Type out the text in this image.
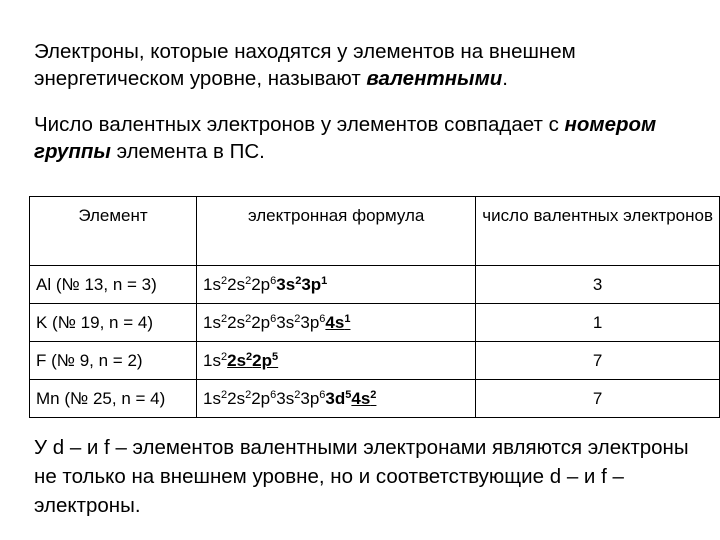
Электроны, которые находятся у элементов на внешнем энергетическом уровне, называют валентными.

Число валентных электронов у элементов совпадает с номером группы элемента в ПС.

Элемент	электронная формула	число валентных электронов
Al (№ 13, n = 3)	$1s^22s^22p^63s^23p^1$	3
K (№ 19, n = 4)	$1s^22s^22p^63s^23p^64s^1$	1
F (№ 9, n = 2)	$1s^22s^22p^5$	7
Mn (№ 25, n = 4)	$1s^22s^22p^63s^23p^63d^54s^2$	7

У d – и f – элементов валентными электронами являются электроны не только на внешнем уровне, но и соответствующие d – и f – электроны.
